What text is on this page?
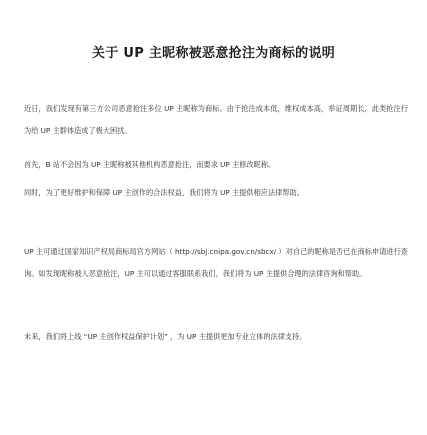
关于 UP 主昵称被恶意抢注为商标的说明
近日，我们发现有第三方公司恶意抢注多位 UP 主昵称为商标。由于抢注成本低，维权成本高，举证周期长，此类抢注行为给 UP 主群体造成了极大困扰。
首先，B 站不会因为 UP 主昵称被其他机构恶意抢注，而要求 UP 主修改昵称。
同时，为了更好维护和保障 UP 主创作的合法权益，我们将为 UP 主提供相应法律帮助。
UP 主可通过国家知识产权局商标局官方网站（ http://sbj.cnipa.gov.cn/sbcx/ ）对自己的昵称是否已在商标申请进行查询。如发现昵称被人恶意抢注，UP 主可以通过客服联系我们，我们将为 UP 主提供合理的法律咨询和帮助。
未来，我们将上线 “UP 主创作权益保护计划” ，为 UP 主提供更加专业立体的法律支持。
